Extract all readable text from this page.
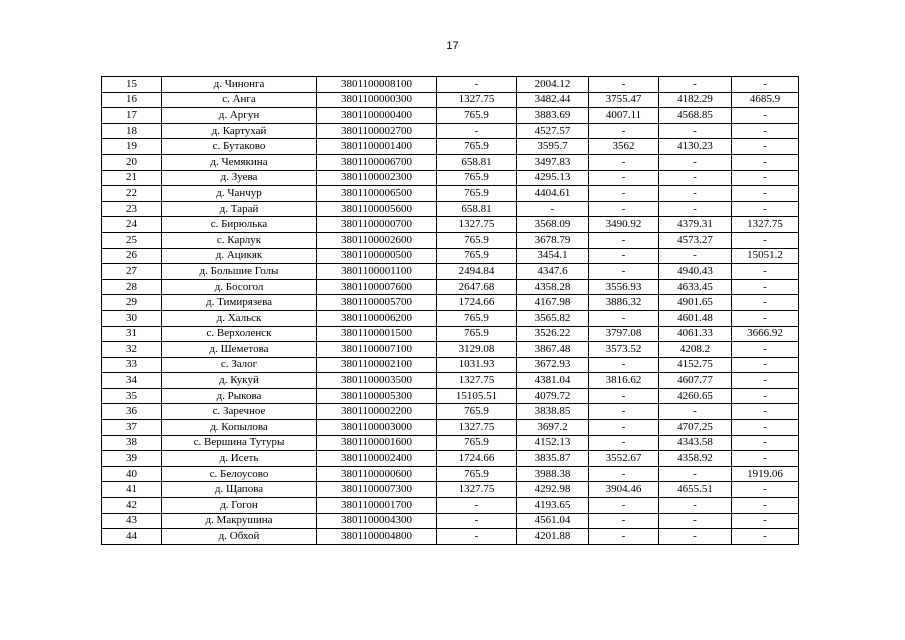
17
15	д. Чинонга	3801100008100	-	2004.12	-	-	-
16	с. Анга	3801100000300	1327.75	3482.44	3755.47	4182.29	4685.9
17	д. Аргун	3801100000400	765.9	3883.69	4007.11	4568.85	-
18	д. Картухай	3801100002700	-	4527.57	-	-	-
19	с. Бутаково	3801100001400	765.9	3595.7	3562	4130.23	-
20	д. Чемякина	3801100006700	658.81	3497.83	-	-	-
21	д. Зуева	3801100002300	765.9	4295.13	-	-	-
22	д. Чанчур	3801100006500	765.9	4404.61	-	-	-
23	д. Тарай	3801100005600	658.81	-	-	-	-
24	с. Бирюлька	3801100000700	1327.75	3568.09	3490.92	4379.31	1327.75
25	с. Карлук	3801100002600	765.9	3678.79	-	4573.27	-
26	д. Ацикяк	3801100000500	765.9	3454.1	-	-	15051.2
27	д. Большие Голы	3801100001100	2494.84	4347.6	-	4940.43	-
28	д. Босогол	3801100007600	2647.68	4358.28	3556.93	4633.45	-
29	д. Тимирязева	3801100005700	1724.66	4167.98	3886.32	4901.65	-
30	д. Хальск	3801100006200	765.9	3565.82	-	4601.48	-
31	с. Верхоленск	3801100001500	765.9	3526.22	3797.08	4061.33	3666.92
32	д. Шеметова	3801100007100	3129.08	3867.48	3573.52	4208.2	-
33	с. Залог	3801100002100	1031.93	3672.93	-	4152.75	-
34	д. Кукуй	3801100003500	1327.75	4381.04	3816.62	4607.77	-
35	д. Рыкова	3801100005300	15105.51	4079.72	-	4260.65	-
36	с. Заречное	3801100002200	765.9	3838.85	-	-	-
37	д. Копылова	3801100003000	1327.75	3697.2	-	4707.25	-
38	с. Вершина Тутуры	3801100001600	765.9	4152.13	-	4343.58	-
39	д. Исеть	3801100002400	1724.66	3835.87	3552.67	4358.92	-
40	с. Белоусово	3801100000600	765.9	3988.38	-	-	1919.06
41	д. Щапова	3801100007300	1327.75	4292.98	3904.46	4655.51	-
42	д. Гогон	3801100001700	-	4193.65	-	-	-
43	д. Макрушина	3801100004300	-	4561.04	-	-	-
44	д. Обхой	3801100004800	-	4201.88	-	-	-
